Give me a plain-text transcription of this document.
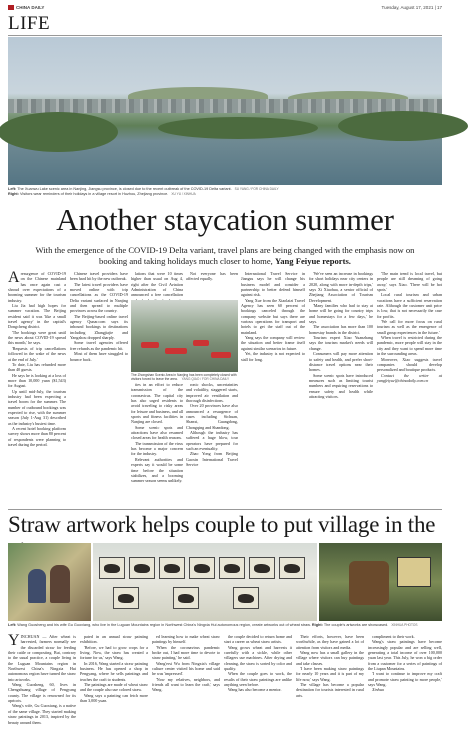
CHINA DAILY	Tuesday, August 17, 2021 | 17
LIFE
Left: The Xuanwu Lake scenic area in Nanjing, Jiangsu province, is closed due to the recent outbreak of the COVID-19 Delta variant. SU YANG / FOR CHINA DAILY
Right: Visitors wear reminders of their holidays in a village resort in Huzhou, Zhejiang province. XU YU / XINHUA
Another staycation summer
With the emergence of the COVID-19 Delta variant, travel plans are being changed with the emphasis now on booking and taking holidays much closer to home, Yang Feiyue reports.

Aresurgence of COVID-19 on the Chinese mainland has once again cast a shroud over expectations of a booming summer for the tourism industry.

Liu Jia had high hopes for summer vacation. The Beijing resident said it was 'like a small travel agency' in the capital's Dongcheng district.

'The bookings were great until the news about COVID-19 spread this month,' he says.

'Requests of trip cancellations followed in the wake of the news at the end of July.'

To date, Liu has refunded more than 40 guests.

He says he is looking at a loss of more than 10,000 yuan ($1,543) for August.

Up until mid-July, the tourism industry had been expecting a travel boom for the summer. The number of outbound bookings was expected to rise, with the summer season (July 1-Aug 31) described as the industry's busiest time.

A recent hotel booking platform survey shows more than 80 percent of respondents were planning to travel during the period.

Chinese travel providers have been hard hit by the new outbreak.

The latest travel providers have moved online with trip cancellations as the COVID-19 Delta variant surfaced in Nanjing and then spread to multiple provinces across the country.

The Beijing-based online travel agency Qunar.com says its inbound bookings to destinations including Zhangjiajie and Yangzhou dropped sharply.

Some travel agencies offered free refunds as the pandemic hit.

Most of them have struggled to bounce back.

lations that were 10 times higher than usual on Aug 4, right after the Civil Aviation Administration of China announced a free cancellation

Not everyone has been affected equally.

The Zhongshan Scenic Area in Nanjing has been completely closed with visitors forced to leave the area. YANG QIAO / FOR CHINA DAILY

ties in an effort to reduce transmission of the coronavirus. The capital city has also urged residents to avoid traveling to risky areas for leisure and business, and all sports and fitness facilities in Nanjing are closed.

Some scenic spots and attractions have also resumed closed areas for health reasons.

The transmission of the virus has become a major concern for the industry.

Relevant authorities and experts say it would be some time before the situation stabilizes, and a booming summer season seems unlikely.

ronic shocks, uncertainties and volatility, staggered starts, improved air ventilation and thorough disinfections.

Over 20 provinces have also announced a resurgence of cases including Sichuan, Shanxi, Guangdong, Chongqing and Shandong.

Although the industry has suffered a huge blow, tour operators have prepared for such an eventuality.

Zhao Yong from Beijing Gaoxin International Travel Service

International Travel Service in Jiangsu says he will change his business model and consider a partnership to better defend himself against risk.

Yang Xue from the Xiaolaizi Travel Agency has seen 60 percent of bookings canceled through the company website but says there are various operations for transport and hotels to get the staff out of the mainland.

Yang says the company will review the situation and better frame itself against similar scenarios in future.

Yet, the industry is not expected to stall for long.

'We've seen an increase in bookings for short holidays near city centers in 2020, along with more in-depth trips,' says Xi Xiaohua, a senior official of Zhejiang Association of Tourism Development.

'Many families who had to stay at home will be going for country trips and homestays for a few days,' he says.

The association has more than 100 homestay brands in the district.

Tourism expert Xiao Yuanzhang says the tourism market's needs will change.

Consumers will pay more attention to safety and health, and prefer short-distance travel options near their homes.

Some scenic spots have introduced measures such as limiting tourist numbers and requiring reservations to ensure safety and health while attracting visitors.

'The main trend is local travel, but people are still dreaming of going away,' says Xiao. 'There will be hot spots.'

Local rural tourism and urban vacations have a sufficient reservation rate. Although the customer unit price is low, that is not necessarily the case for profits.

'We call for more focus on rural tourism as well as the emergence of small group experiences in the future.'

When travel is restricted during the pandemic, more people will stay in the city and they want to spend more time in the surrounding areas.

Moreover, Xiao suggests travel companies should develop personalized and boutique products.

Contact the writer at yangfeiyue@chinadaily.com.cn

Straw artwork helps couple to put village in the
Left: Wang Guosheng and his wife Gu Guoxiang, who live in the Luguan Mountains region in Northwest China's Ningxia Hui autonomous region, create artworks out of wheat straw. Right: The couple's artworks are showcased. XINHUA PHOTOS

YINCHUAN — After wheat is harvested, farmers normally see the discarded straw for feeding their cattle or composting. But, contrary to the usual practice, a couple living in the Luguan Mountains region in Northwest China's Ningxia Hui autonomous region have turned the straw into artworks.

Wang Guosheng, 60, lives in Chengzhuang village of Pengyang county. The village is renowned for its apricots.

Wang's wife, Gu Guoxiang, is a native of the same village. They started making straw paintings in 2013, inspired by the beauty around them.

pated in an annual straw painting exhibition.

'Before, we had to grow crops for a living. Now, the straw has created a fortune for us,' says Wang.

In 2016, Wang started a straw painting business. He has opened a shop in Pengyang, where he sells paintings and teaches the craft to students.

The paintings are made of wheat straw and the couple also use colored straw.

Wang says a painting can fetch more than 3,000 yuan.

ed learning how to make wheat straw paintings by himself.

'When the coronavirus pandemic broke out, I had more time to devote to straw painting,' he said.

Wang'ersi Wu from Ningxia's village culture center visited his home and said he was 'impressed'.

'Now my relatives, neighbors, and friends all want to learn the craft,' says Wang.

the couple decided to return home and start a career as wheat straw artists.

Wang grows wheat and harvests it carefully with a sickle, while other villagers use machines. After drying and cleaning, the straw is sorted by color and quality.

When the couple goes to work, the results of their straw paintings are unlike anything seen before.

Wang has also become a mentor.

Their efforts, however, have been worthwhile, as they have gained a lot of attention from visitors and media.

Wang now has a small gallery in the village where visitors can buy paintings and take classes.

'I have been making straw paintings for nearly 10 years and it is part of my life now,' says Wang.

The village has become a popular destination for tourists interested in rural arts.

compliment to their work.

Wang's straw paintings have become increasingly popular and are selling well, generating a total income of over 100,000 yuan last year. This July, he won a big order from a customer for a series of paintings of the Liupan Mountains.

'I want to continue to improve my craft and promote straw painting to more people,' says Wang.

Xinhua
